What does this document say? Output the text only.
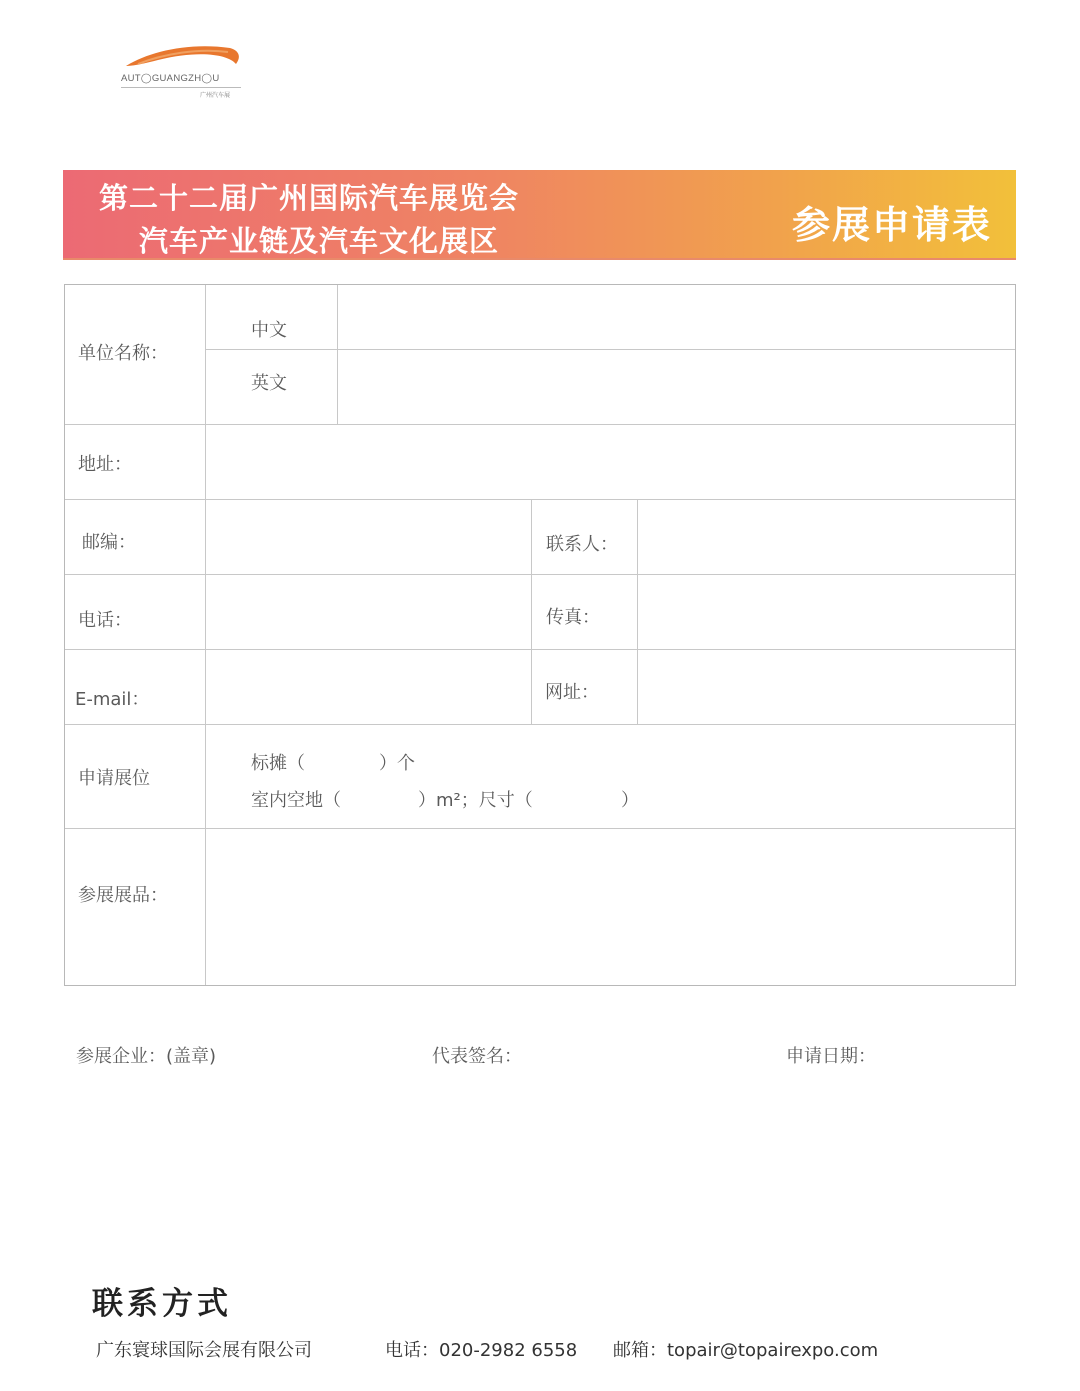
AUT◯GUANGZH◯U
广州汽车展
第二十二届广州国际汽车展览会
汽车产业链及汽车文化展区	参展申请表
单位名称：
中文
英文
地址：
邮编：	联系人：
电话：	传真：
E-mail：	网址：
申请展位
标摊（	）个
室内空地（	）m²；尺寸（	）
参展展品：
参展企业：(盖章)	代表签名：	申请日期：
联系方式
广东寰球国际会展有限公司	电话：020-2982 6558 邮箱：topair@topairexpo.com
